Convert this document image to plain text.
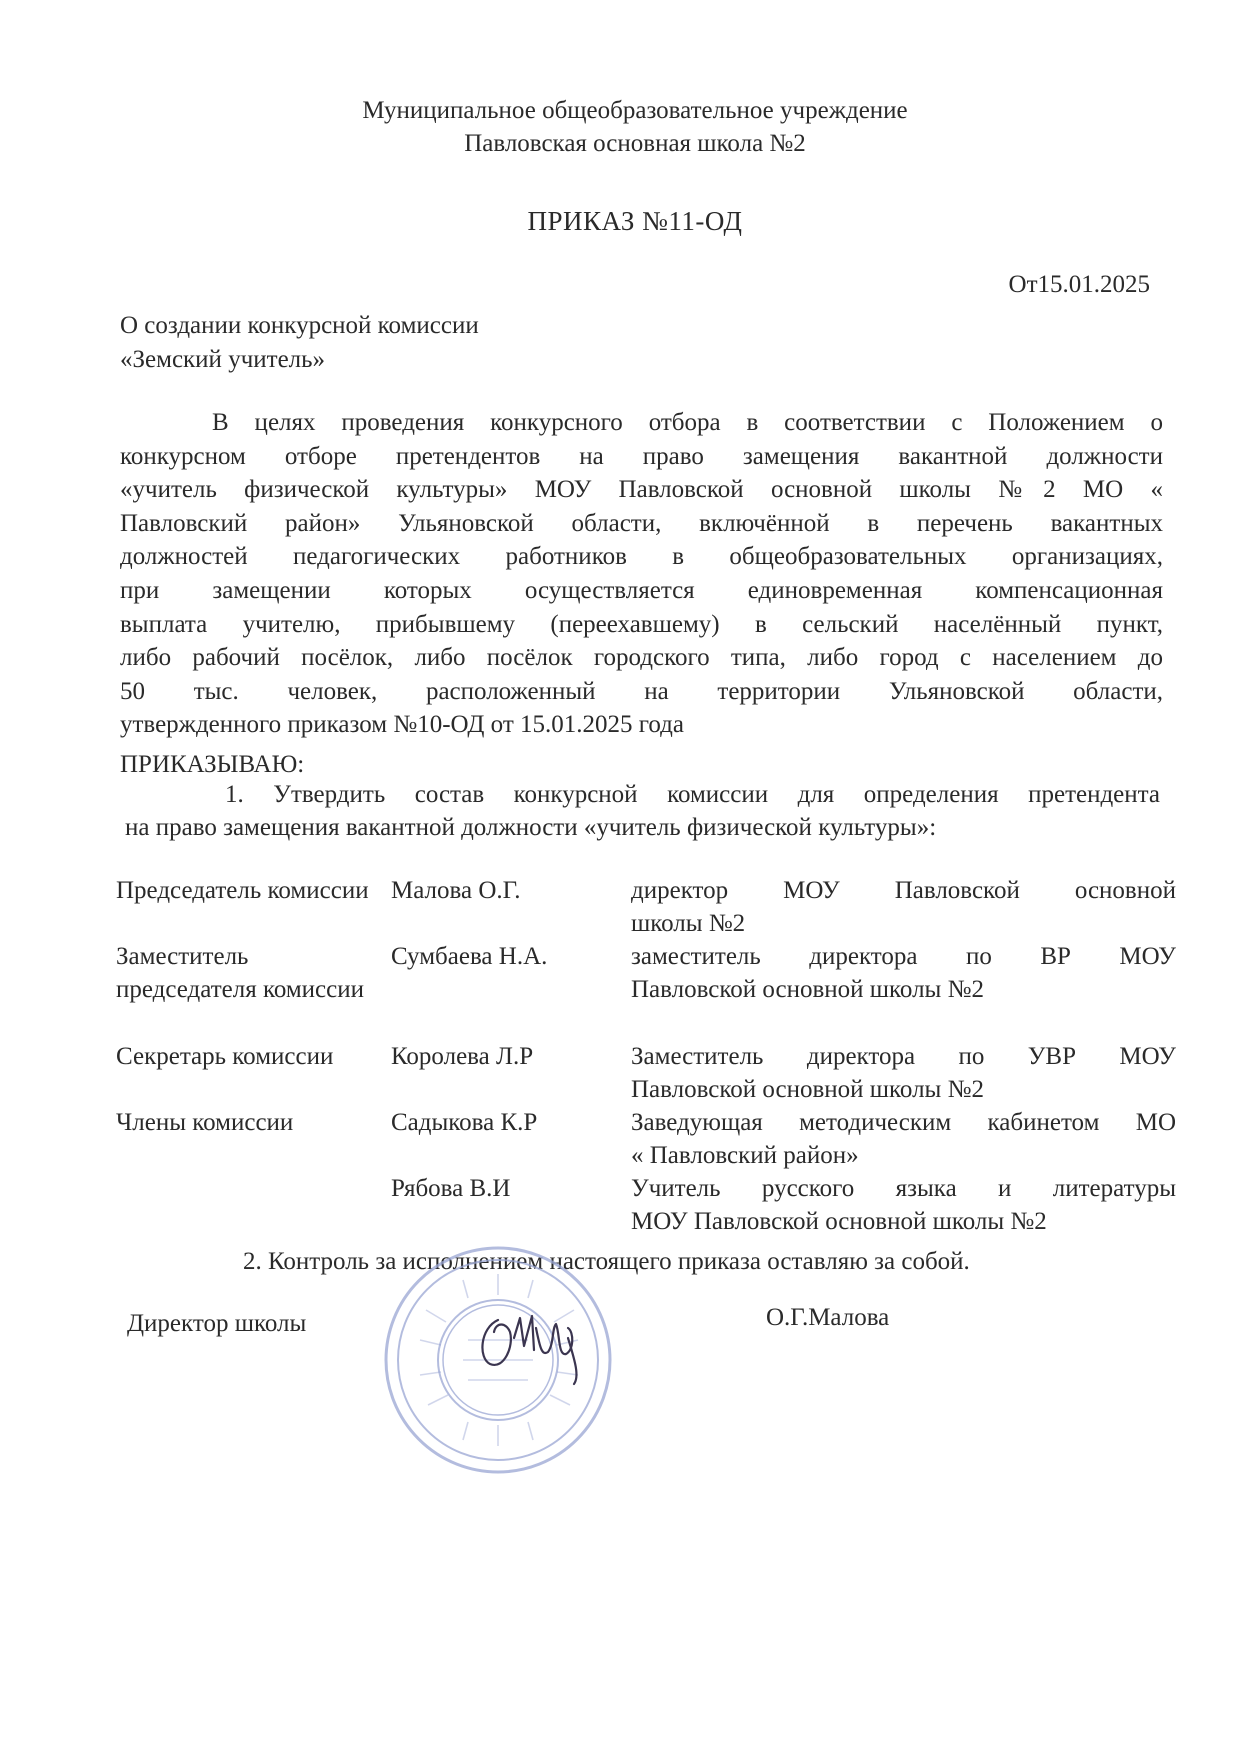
Муниципальное общеобразовательное учреждение
Павловская основная школа №2
ПРИКАЗ №11-ОД
От15.01.2025
О создании конкурсной комиссии
«Земский учитель»
В целях проведения конкурсного отбора в соответствии с Положением о
конкурсном отборе претендентов на право замещения вакантной должности
«учитель физической культуры» МОУ Павловской основной школы №2 МО «
Павловский район» Ульяновской области, включённой в перечень вакантных
должностей педагогических работников в общеобразовательных организациях,
при замещении которых осуществляется единовременная компенсационная
выплата учителю, прибывшему (переехавшему) в сельский населённый пункт,
либо рабочий посёлок, либо посёлок городского типа, либо город с населением до
50 тыс. человек, расположенный на территории Ульяновской области,
утвержденного приказом №10-ОД от 15.01.2025 года
ПРИКАЗЫВАЮ:
1. Утвердить состав конкурсной комиссии для определения претендента
на право замещения вакантной должности «учитель физической культуры»:
Председатель комиссии	Малова О.Г.	директор МОУ Павловской основной
школы №2

Заместитель председателя комиссии	Сумбаева Н.А.	заместитель директора по ВР МОУ
Павловской основной школы №2

Секретарь комиссии	Королева Л.Р	Заместитель директора по УВР МОУ
Павловской основной школы №2

Члены комиссии	Садыкова К.Р	Заведующая методическим кабинетом МО
« Павловский район»

	Рябова В.И	Учитель русского языка и литературы
МОУ Павловской основной школы №2
2. Контроль за исполнением настоящего приказа оставляю за собой.
Директор школы	О.Г.Малова
